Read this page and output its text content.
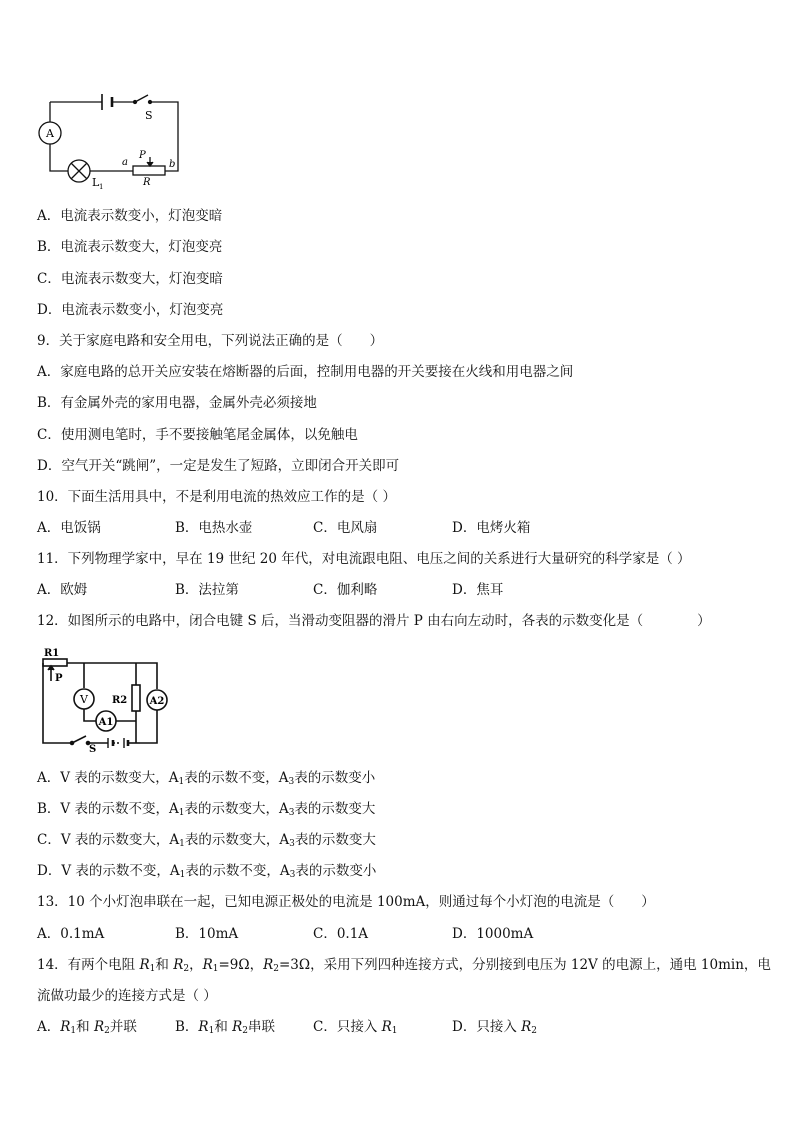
A
S
L 1
P
a	b
R
A．电流表示数变小，灯泡变暗
B．电流表示数变大，灯泡变亮
C．电流表示数变大，灯泡变暗
D．电流表示数变小，灯泡变亮
9．关于家庭电路和安全用电，下列说法正确的是（　　）
A．家庭电路的总开关应安装在熔断器的后面，控制用电器的开关要接在火线和用电器之间
B．有金属外壳的家用电器，金属外壳必须接地
C．使用测电笔时，手不要接触笔尾金属体，以免触电
D．空气开关“跳闸”，一定是发生了短路，立即闭合开关即可
10．下面生活用具中，不是利用电流的热效应工作的是（ ）
A．电饭锅	B．电热水壶	C．电风扇	D．电烤火箱
11．下列物理学家中，早在 19 世纪 20 年代，对电流跟电阻、电压之间的关系进行大量研究的科学家是（ ）
A．欧姆	B．法拉第	C．伽利略	D．焦耳
12．如图所示的电路中，闭合电键 S 后，当滑动变阻器的滑片 P 由右向左动时，各表的示数变化是（　　　　）
R1
P
V R2
A1
A2
S
A．V 表的示数变大，$A_1$表的示数不变，$A_3$表的示数变小
B．V 表的示数不变，$A_1$表的示数变大，$A_3$表的示数变大
C．V 表的示数变大，$A_1$表的示数变大，$A_3$表的示数变大
D．V 表的示数不变，$A_1$表的示数不变，$A_3$表的示数变小
13．10 个小灯泡串联在一起，已知电源正极处的电流是 100mA，则通过每个小灯泡的电流是（　　）
A．0.1mA	B．10mA	C．0.1A	D．1000mA
14．有两个电阻 $R_1$和 $R_2$，$R_1=9\Omega$，$R_2=3\Omega$，采用下列四种连接方式，分别接到电压为 12V 的电源上，通电 10min，电
流做功最少的连接方式是（ ）
A．$R_1$和 $R_2$并联	B．$R_1$和 $R_2$串联	C．只接入 $R_1$	D．只接入 $R_2$
